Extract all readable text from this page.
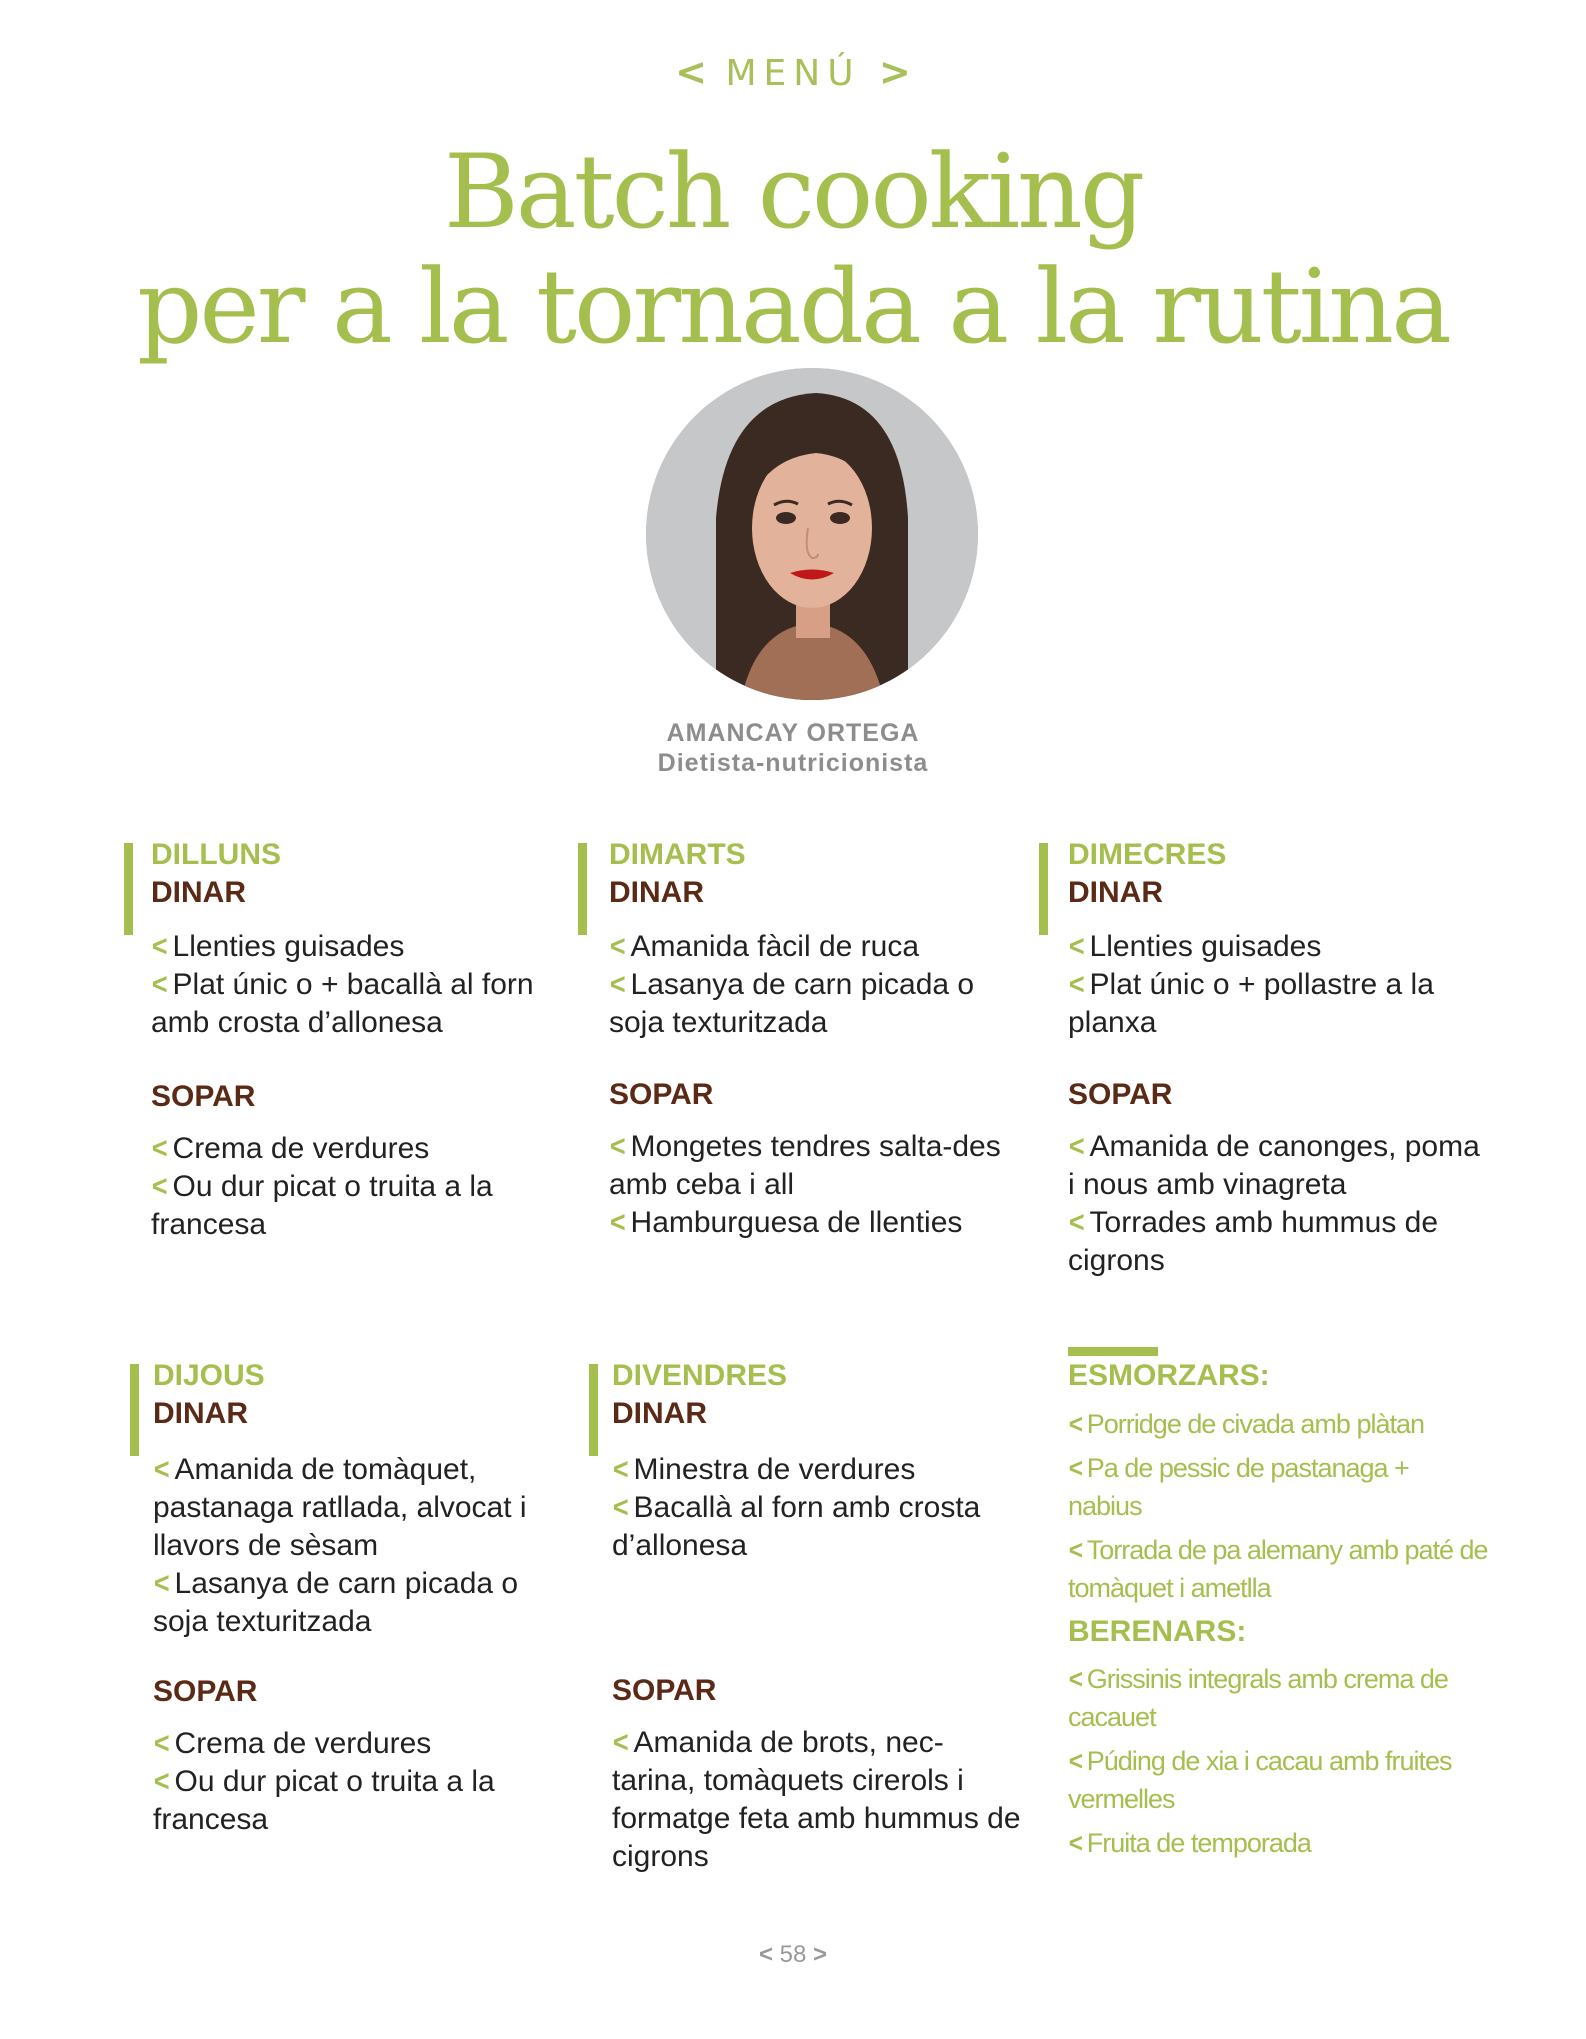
< MENÚ >
Batch cooking
per a la tornada a la rutina
AMANCAY ORTEGA
Dietista-nutricionista
DILLUNS
DINAR
< Llenties guisades
< Plat únic o + bacallà al forn amb crosta d’allonesa
SOPAR
< Crema de verdures
< Ou dur picat o truita a la francesa
DIMARTS
DINAR
< Amanida fàcil de ruca
< Lasanya de carn picada o soja texturitzada
SOPAR
< Mongetes tendres salta-des amb ceba i all
< Hamburguesa de llenties
DIMECRES
DINAR
< Llenties guisades
< Plat únic o + pollastre a la planxa
SOPAR
< Amanida de canonges, poma i nous amb vinagreta
< Torrades amb hummus de cigrons
DIJOUS
DINAR
< Amanida de tomàquet, pastanaga ratllada, alvocat i llavors de sèsam
< Lasanya de carn picada o soja texturitzada
SOPAR
< Crema de verdures
< Ou dur picat o truita a la francesa
DIVENDRES
DINAR
< Minestra de verdures
< Bacallà al forn amb crosta d’allonesa
SOPAR
< Amanida de brots, nec-tarina, tomàquets cirerols i formatge feta amb hummus de cigrons
ESMORZARS:
< Porridge de civada amb plàtan
< Pa de pessic de pastanaga + nabius
< Torrada de pa alemany amb paté de tomàquet i ametlla
BERENARS:
< Grissinis integrals amb crema de cacauet
< Púding de xia i cacau amb fruites vermelles
< Fruita de temporada
< 58 >
